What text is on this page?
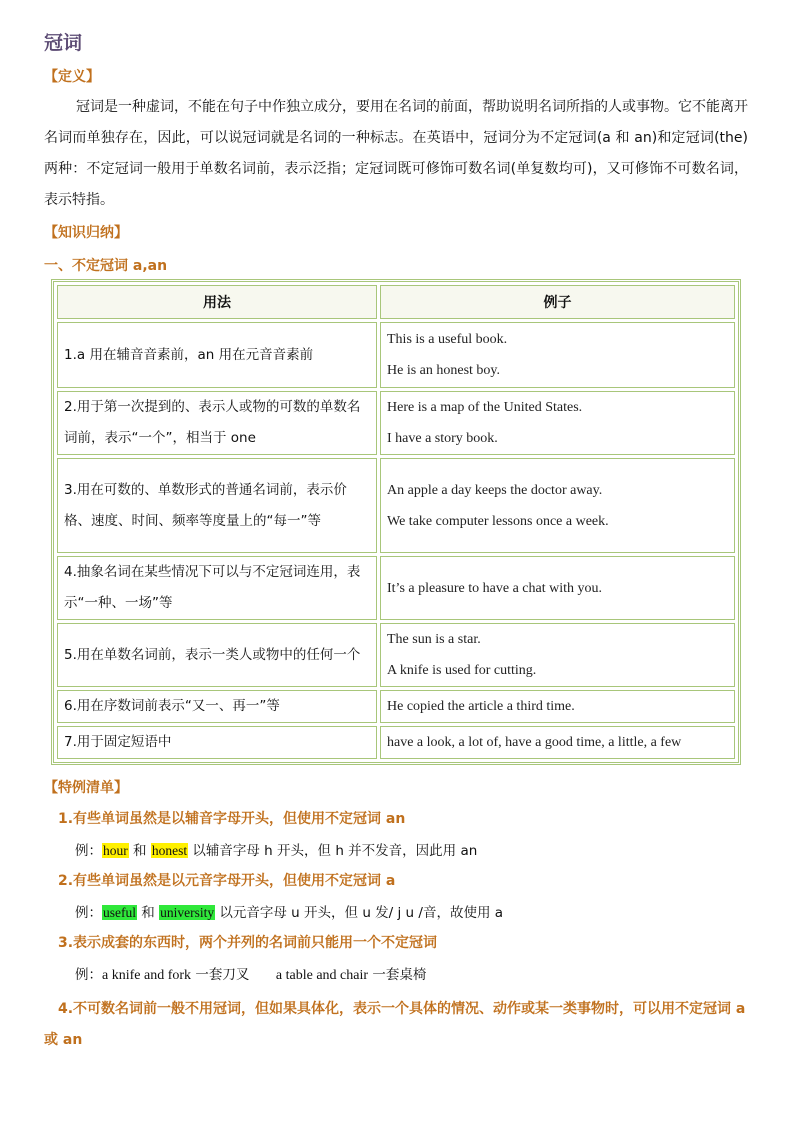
冠词
【定义】
冠词是一种虚词，不能在句子中作独立成分，要用在名词的前面，帮助说明名词所指的人或事物。它不能离开名词而单独存在，因此，可以说冠词就是名词的一种标志。在英语中，冠词分为不定冠词(a 和 an)和定冠词(the) 两种：不定冠词一般用于单数名词前，表示泛指；定冠词既可修饰可数名词(单复数均可)，又可修饰不可数名词，表示特指。
【知识归纳】
一、不定冠词 a,an
用法	例子
1.a 用在辅音音素前，an 用在元音音素前	This is a useful book.
He is an honest boy.

2.用于第一次提到的、表示人或物的可数的单数名词前，表示“一个”，相当于 one	Here is a map of the United States.
I have a story book.

3.用在可数的、单数形式的普通名词前，表示价格、速度、时间、频率等度量上的“每一”等	An apple a day keeps the doctor away.
We take computer lessons once a week.

4.抽象名词在某些情况下可以与不定冠词连用，表示“一种、一场”等	It’s a pleasure to have a chat with you.

5.用在单数名词前，表示一类人或物中的任何一个	The sun is a star.
A knife is used for cutting.

6.用在序数词前表示“又一、再一”等	He copied the article a third time.

7.用于固定短语中	have a look, a lot of, have a good time, a little, a few
【特例清单】
1.有些单词虽然是以辅音字母开头，但使用不定冠词 an
例：hour 和 honest 以辅音字母 h 开头，但 h 并不发音，因此用 an
2.有些单词虽然是以元音字母开头，但使用不定冠词 a
例：useful 和 university 以元音字母 u 开头，但 u 发/ j u /音，故使用 a
3.表示成套的东西时，两个并列的名词前只能用一个不定冠词
例：a knife and fork 一套刀叉 a table and chair 一套桌椅
4.不可数名词前一般不用冠词，但如果具体化，表示一个具体的情况、动作或某一类事物时，可以用不定冠词 a 或 an
